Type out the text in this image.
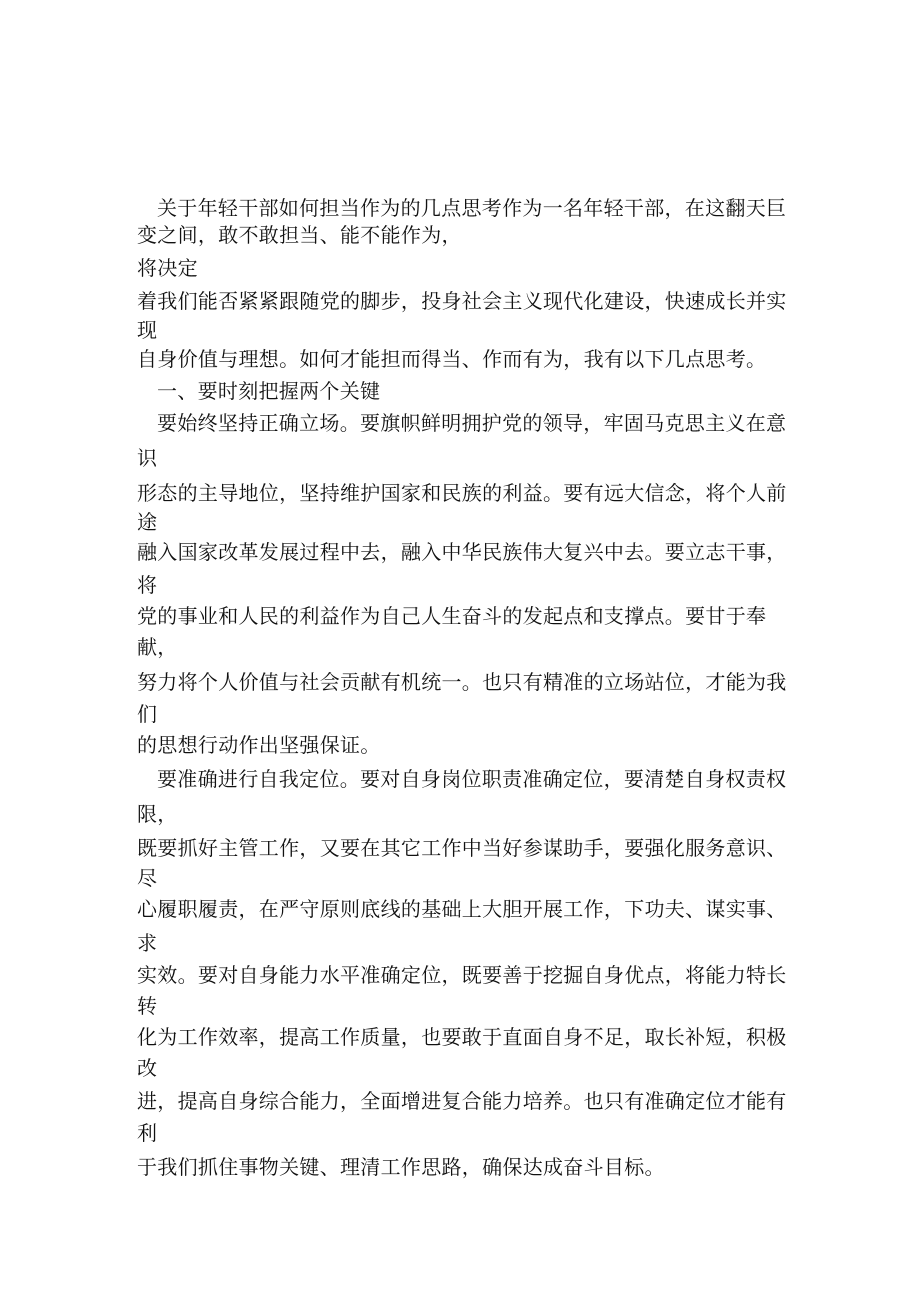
关于年轻干部如何担当作为的几点思考作为一名年轻干部，在这翻天巨
变之间，敢不敢担当、能不能作为，
将决定
着我们能否紧紧跟随党的脚步，投身社会主义现代化建设，快速成长并实
现
自身价值与理想。如何才能担而得当、作而有为，我有以下几点思考。
一、要时刻把握两个关键
要始终坚持正确立场。要旗帜鲜明拥护党的领导，牢固马克思主义在意
识
形态的主导地位，坚持维护国家和民族的利益。要有远大信念，将个人前
途
融入国家改革发展过程中去，融入中华民族伟大复兴中去。要立志干事，
将
党的事业和人民的利益作为自己人生奋斗的发起点和支撑点。要甘于奉
献，
努力将个人价值与社会贡献有机统一。也只有精准的立场站位，才能为我
们
的思想行动作出坚强保证。
要准确进行自我定位。要对自身岗位职责准确定位，要清楚自身权责权
限，
既要抓好主管工作，又要在其它工作中当好参谋助手，要强化服务意识、
尽
心履职履责，在严守原则底线的基础上大胆开展工作，下功夫、谋实事、
求
实效。要对自身能力水平准确定位，既要善于挖掘自身优点，将能力特长
转
化为工作效率，提高工作质量，也要敢于直面自身不足，取长补短，积极
改
进，提高自身综合能力，全面增进复合能力培养。也只有准确定位才能有
利
于我们抓住事物关键、理清工作思路，确保达成奋斗目标。
